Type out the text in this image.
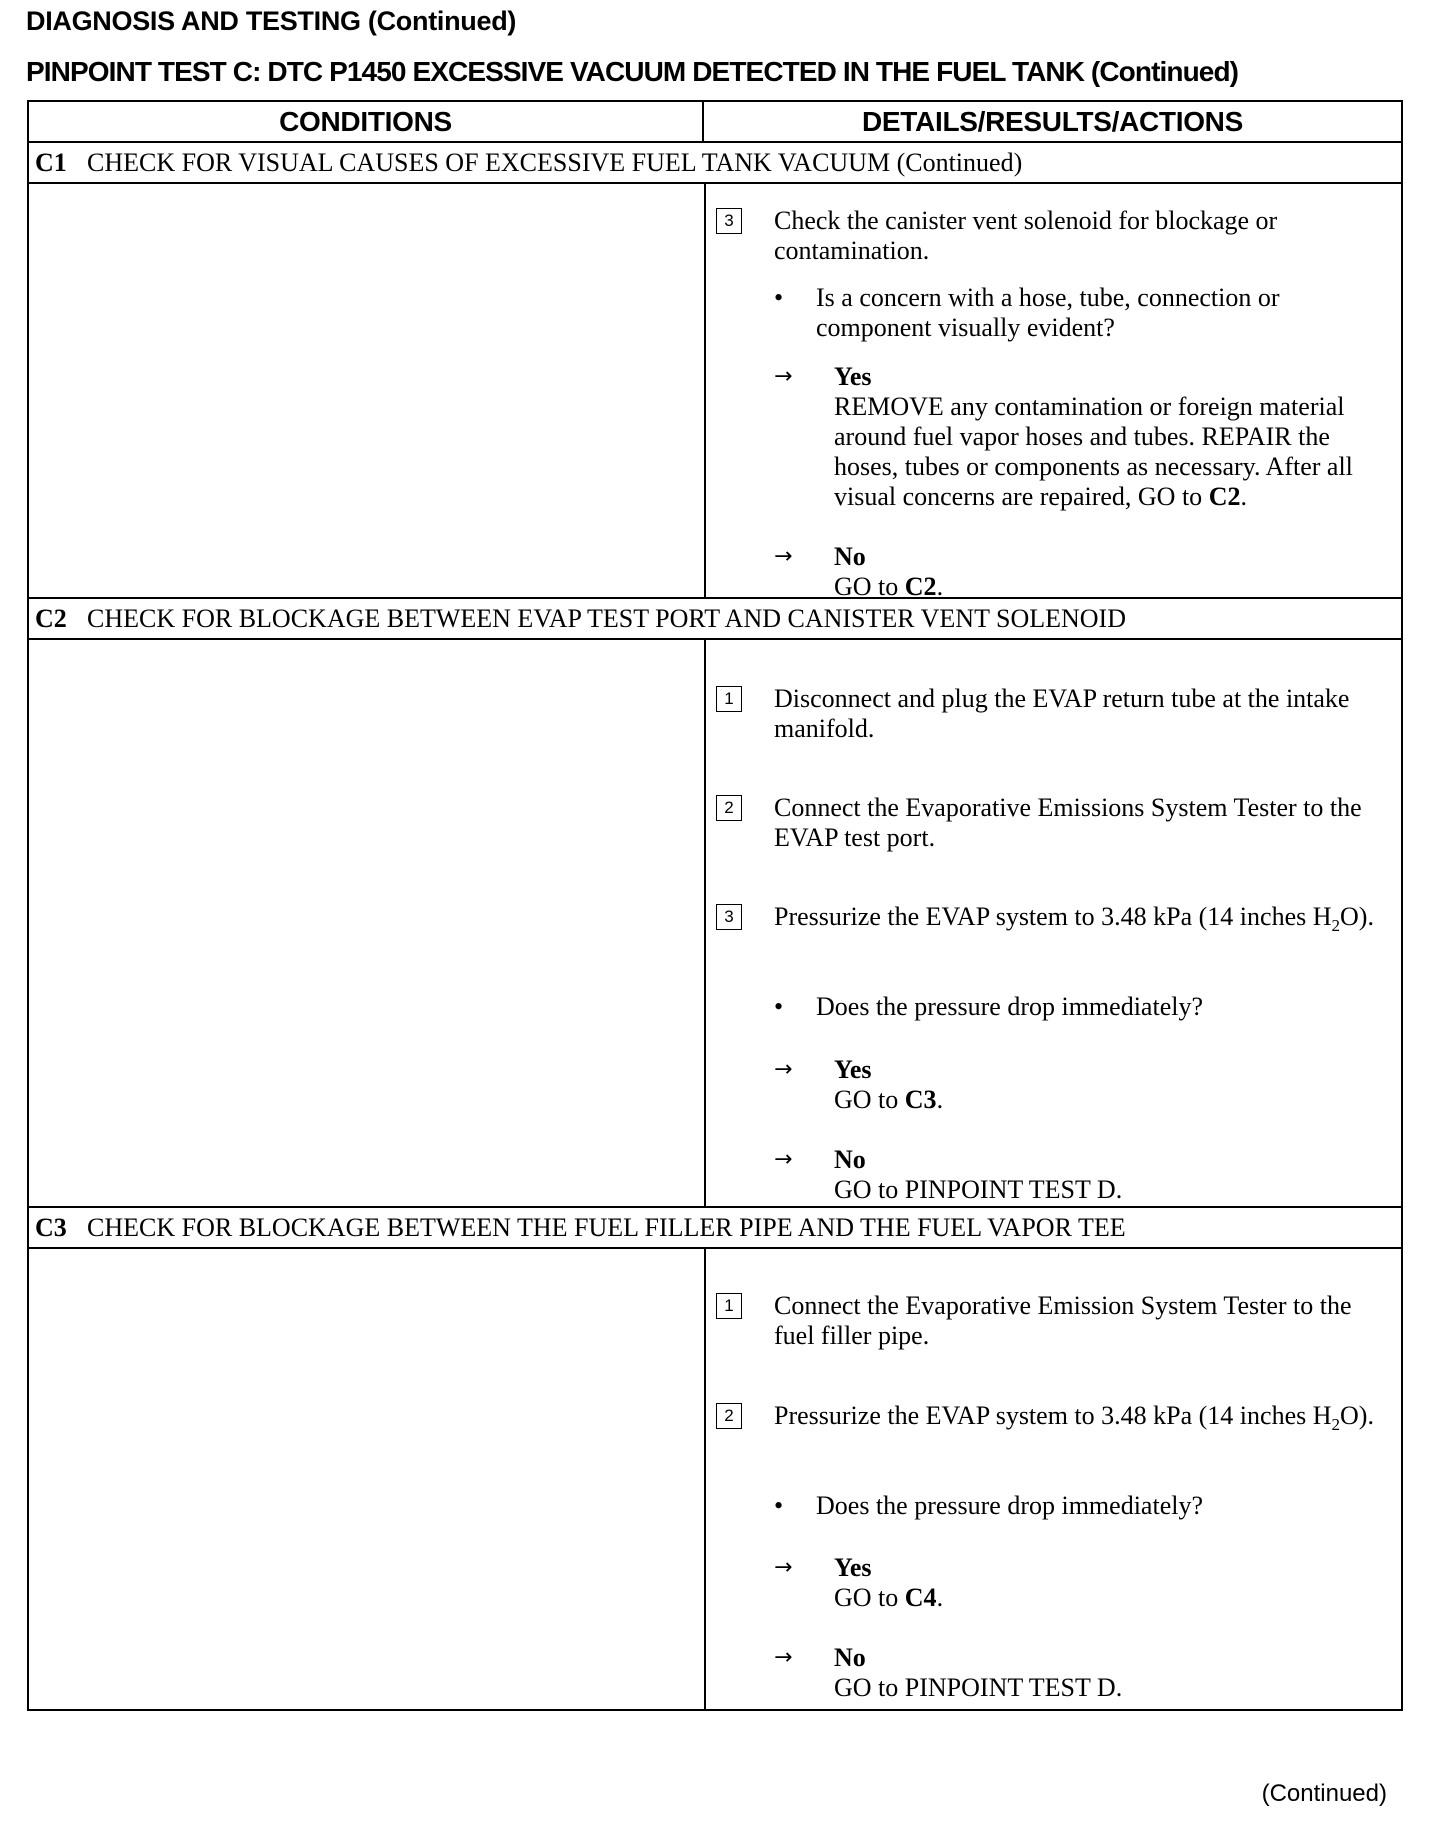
DIAGNOSIS AND TESTING (Continued)
PINPOINT TEST C: DTC P1450 EXCESSIVE VACUUM DETECTED IN THE FUEL TANK (Continued)
CONDITIONS	DETAILS/RESULTS/ACTIONS
C1 CHECK FOR VISUAL CAUSES OF EXCESSIVE FUEL TANK VACUUM (Continued)
3	Check the canister vent solenoid for blockage or contamination.
• Is a concern with a hose, tube, connection or component visually evident?
→ Yes
REMOVE any contamination or foreign material around fuel vapor hoses and tubes. REPAIR the hoses, tubes or components as necessary. After all visual concerns are repaired, GO to C2.
→ No
GO to C2.
C2 CHECK FOR BLOCKAGE BETWEEN EVAP TEST PORT AND CANISTER VENT SOLENOID
1	Disconnect and plug the EVAP return tube at the intake manifold.
2	Connect the Evaporative Emissions System Tester to the EVAP test port.
3	Pressurize the EVAP system to 3.48 kPa (14 inches $H_2O$).
• Does the pressure drop immediately?
→ Yes
GO to C3.
→ No
GO to PINPOINT TEST D.
C3 CHECK FOR BLOCKAGE BETWEEN THE FUEL FILLER PIPE AND THE FUEL VAPOR TEE
1	Connect the Evaporative Emission System Tester to the fuel filler pipe.
2	Pressurize the EVAP system to 3.48 kPa (14 inches $H_2O$).
• Does the pressure drop immediately?
→ Yes
GO to C4.
→ No
GO to PINPOINT TEST D.
(Continued)
